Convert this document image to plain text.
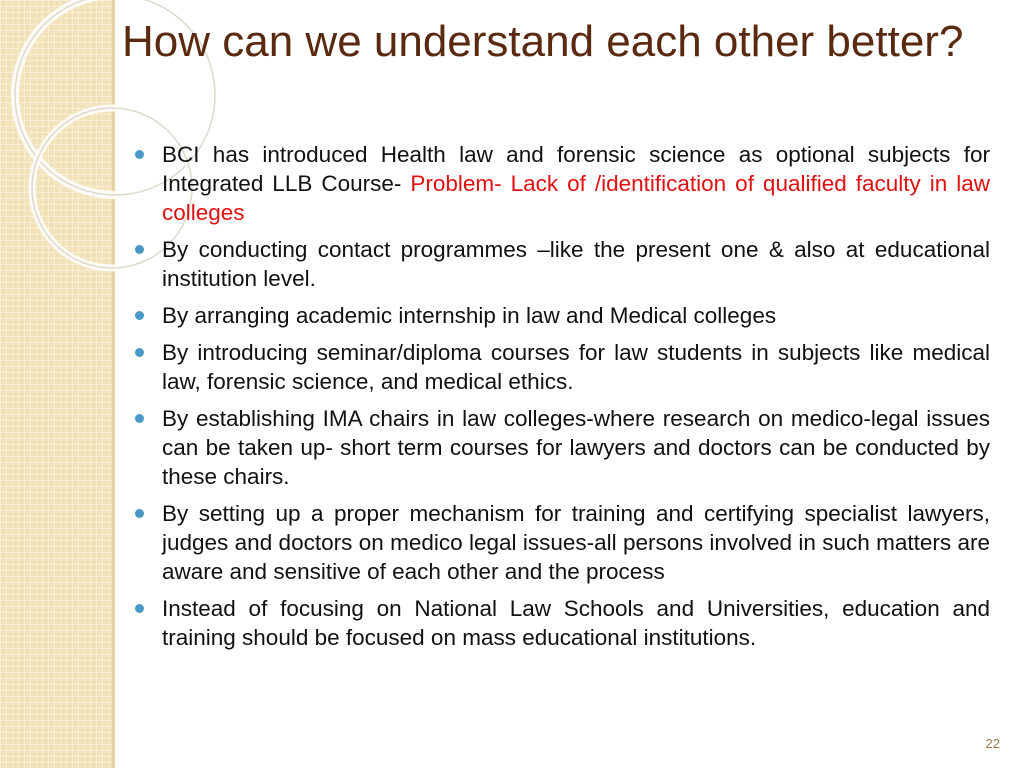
How can we understand each other better?
BCI has introduced Health law and forensic science as optional subjects for Integrated LLB Course- Problem- Lack of /identification of qualified faculty in law colleges
By conducting contact programmes –like the present one & also at educational institution level.
By arranging academic internship in law and Medical colleges
By introducing seminar/diploma courses for law students in subjects like medical law, forensic science, and medical ethics.
By establishing IMA chairs in law colleges-where research on medico-legal issues can be taken up- short term courses for lawyers and doctors can be conducted by these chairs.
By setting up a proper mechanism for training and certifying specialist lawyers, judges and doctors on medico legal issues-all persons involved in such matters are aware and sensitive of each other and the process
Instead of focusing on National Law Schools and Universities, education and training should be focused on mass educational institutions.
22
